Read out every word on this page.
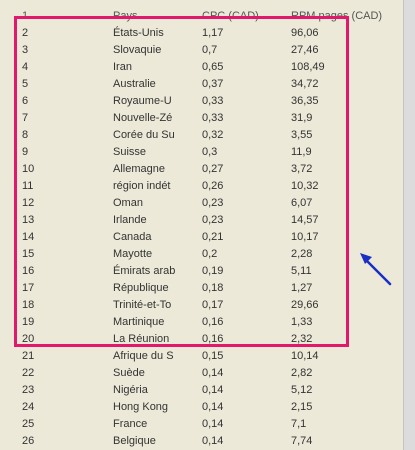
1	Pays	CPC (CAD)	RPM pages (CAD)
2	États-Unis	1,17	96,06
3	Slovaquie	0,7	27,46
4	Iran	0,65	108,49
5	Australie	0,37	34,72
6	Royaume-U	0,33	36,35
7	Nouvelle-Zé	0,33	31,9
8	Corée du Su 0,32	3,55
9	Suisse	0,3	11,9
10	Allemagne	0,27	3,72
11	région indét	0,26	10,32
12	Oman	0,23	6,07
13	Irlande	0,23	14,57
14	Canada	0,21	10,17
15	Mayotte	0,2	2,28
16	Émirats arab 0,19	5,11
17	République	0,18	1,27
18	Trinité-et-To	0,17	29,66
19	Martinique	0,16	1,33
20	La Réunion	0,16	2,32
21	Afrique du S	0,15	10,14
22	Suède	0,14	2,82
23	Nigéria	0,14	5,12
24	Hong Kong	0,14	2,15
25	France	0,14	7,1
26	Belgique	0,14	7,74
